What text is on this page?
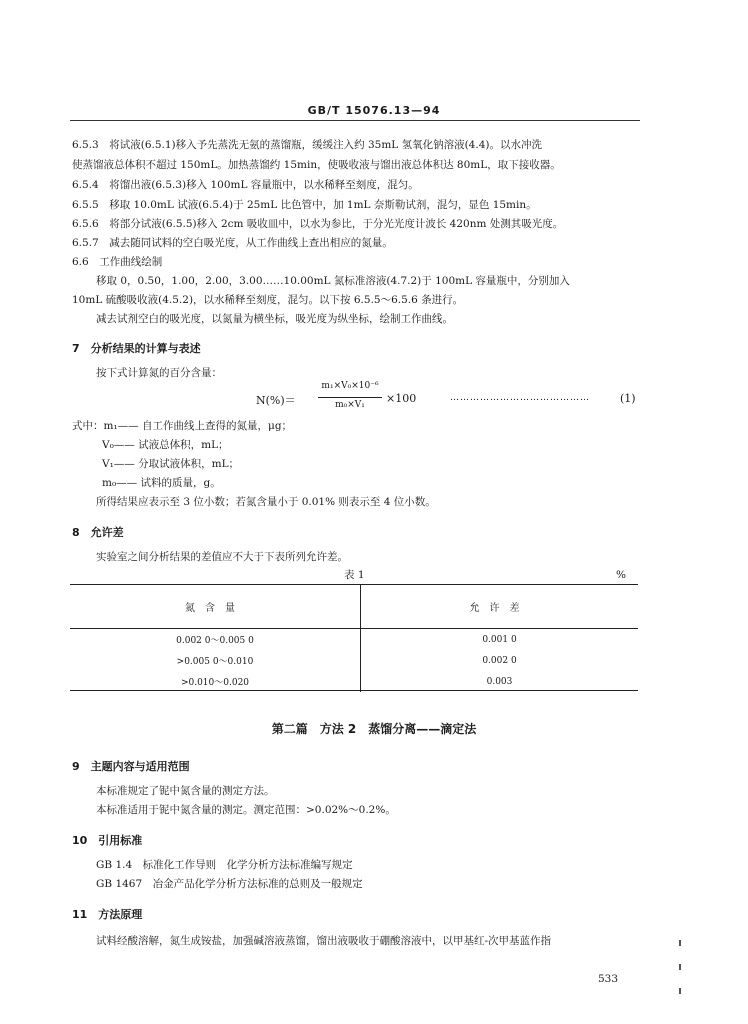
GB/T 15076.13—94
6.5.3　将试液(6.5.1)移入予先蒸洗无氨的蒸馏瓶，缓缓注入约 35mL 氢氧化钠溶液(4.4)。以水冲洗
使蒸馏液总体积不超过 150mL。加热蒸馏约 15min，使吸收液与馏出液总体积达 80mL，取下接收器。
6.5.4　将馏出液(6.5.3)移入 100mL 容量瓶中，以水稀释至刻度，混匀。
6.5.5　移取 10.0mL 试液(6.5.4)于 25mL 比色管中，加 1mL 奈斯勒试剂，混匀，显色 15min。
6.5.6　将部分试液(6.5.5)移入 2cm 吸收皿中，以水为参比，于分光光度计波长 420nm 处测其吸光度。
6.5.7　减去随同试料的空白吸光度，从工作曲线上查出相应的氮量。
6.6　工作曲线绘制
移取 0，0.50，1.00，2.00，3.00……10.00mL 氮标准溶液(4.7.2)于 100mL 容量瓶中，分别加入
10mL 硫酸吸收液(4.5.2)，以水稀释至刻度，混匀。以下按 6.5.5～6.5.6 条进行。
减去试剂空白的吸光度，以氮量为横坐标，吸光度为纵坐标，绘制工作曲线。
7　分析结果的计算与表述
按下式计算氮的百分含量：
N(%)＝
m₁×V₀×10⁻⁶
m₀×V₁	×100	……………………………………	(1)
式中：m₁—— 自工作曲线上查得的氮量，μg；
V₀—— 试液总体积，mL；
V₁—— 分取试液体积，mL；
m₀—— 试料的质量，g。
所得结果应表示至 3 位小数；若氮含量小于 0.01% 则表示至 4 位小数。
8　允许差
实验室之间分析结果的差值应不大于下表所列允许差。
表 1	%
氮含量	允许差
0.002 0～0.005 0	0.001 0
>0.005 0～0.010	0.002 0
>0.010～0.020	0.003
第二篇　方法 2　蒸馏分离——滴定法
9　主题内容与适用范围
本标准规定了铌中氮含量的测定方法。
本标准适用于铌中氮含量的测定。测定范围：>0.02%～0.2%。
10　引用标准
GB 1.4　标准化工作导则　化学分析方法标准编写规定
GB 1467　冶金产品化学分析方法标准的总则及一般规定
11　方法原理
试料经酸溶解，氮生成铵盐，加强碱溶液蒸馏，馏出液吸收于硼酸溶液中，以甲基红-次甲基蓝作指
533
